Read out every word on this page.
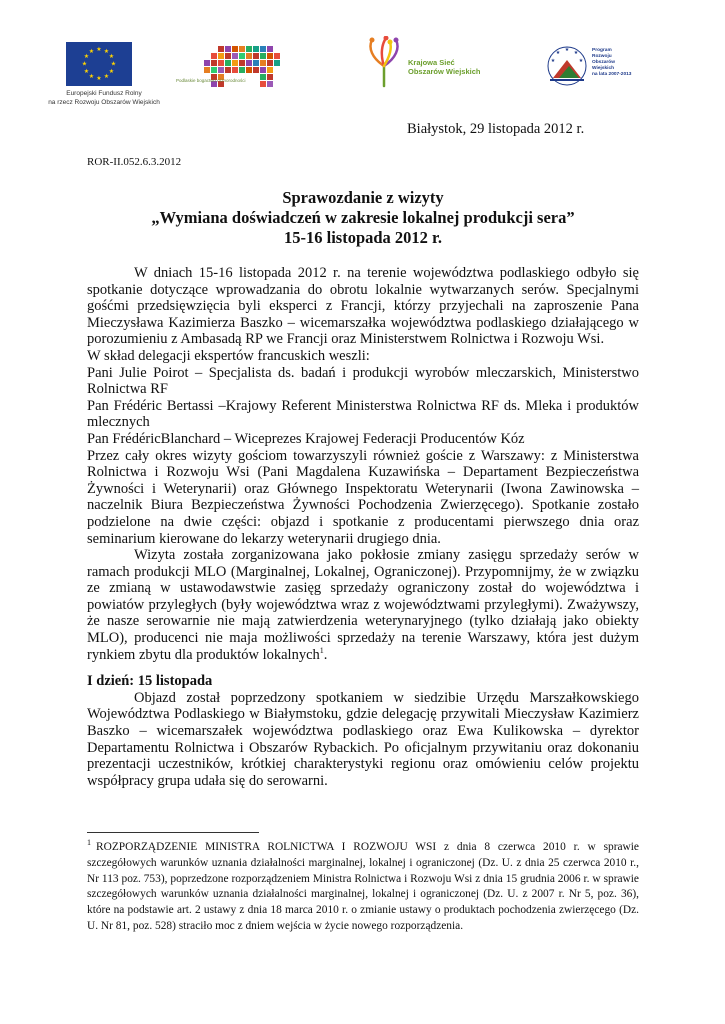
★ ★
★
★
★
★
★
★
★
★
★
★
Europejski Fundusz Rolny
na rzecz Rozwoju Obszarów Wiejskich
Podlaskie bogactwo różnorodności
Krajowa Sieć
Obszarów Wiejskich
★ ★
★
★
★
Program
Rozwoju
Obszarów
Wiejskich
na lata 2007-2013
Białystok, 29 listopada 2012 r.
ROR-II.052.6.3.2012
Sprawozdanie z wizyty
„Wymiana doświadczeń w zakresie lokalnej produkcji sera”
15-16 listopada 2012 r.

W dniach 15-16 listopada 2012 r. na terenie województwa podlaskiego odbyło się spotkanie dotyczące wprowadzania do obrotu lokalnie wytwarzanych serów. Specjalnymi gośćmi przedsięwzięcia byli eksperci z Francji, którzy przyjechali na zaproszenie Pana Mieczysława Kazimierza Baszko – wicemarszałka województwa podlaskiego działającego w porozumieniu z Ambasadą RP we Francji oraz Ministerstwem Rolnictwa i Rozwoju Wsi.

W skład delegacji ekspertów francuskich weszli:

Pani Julie Poirot – Specjalista ds. badań i produkcji wyrobów mleczarskich, Ministerstwo Rolnictwa RF

Pan Frédéric Bertassi –Krajowy Referent Ministerstwa Rolnictwa RF ds. Mleka i produktów mlecznych

Pan FrédéricBlanchard – Wiceprezes Krajowej Federacji Producentów Kóz

Przez cały okres wizyty gościom towarzyszyli również goście z Warszawy: z Ministerstwa Rolnictwa i Rozwoju Wsi (Pani Magdalena Kuzawińska – Departament Bezpieczeństwa Żywności i Weterynarii) oraz Głównego Inspektoratu Weterynarii (Iwona Zawinowska – naczelnik Biura Bezpieczeństwa Żywności Pochodzenia Zwierzęcego). Spotkanie zostało podzielone na dwie części: objazd i spotkanie z producentami pierwszego dnia oraz seminarium kierowane do lekarzy weterynarii drugiego dnia.

Wizyta została zorganizowana jako pokłosie zmiany zasięgu sprzedaży serów w ramach produkcji MLO (Marginalnej, Lokalnej, Ograniczonej). Przypomnijmy, że w związku ze zmianą w ustawodawstwie zasięg sprzedaży ograniczony został do województwa i powiatów przyległych (były województwa wraz z województwami przyległymi). Zważywszy, że nasze serowarnie nie mają zatwierdzenia weterynaryjnego (tylko działają jako obiekty MLO), producenci nie maja możliwości sprzedaży na terenie Warszawy, która jest dużym rynkiem zbytu dla produktów lokalnych$^1$.

I dzień: 15 listopada

Objazd został poprzedzony spotkaniem w siedzibie Urzędu Marszałkowskiego Województwa Podlaskiego w Białymstoku, gdzie delegację przywitali Mieczysław Kazimierz Baszko – wicemarszałek województwa podlaskiego oraz Ewa Kulikowska – dyrektor Departamentu Rolnictwa i Obszarów Rybackich. Po oficjalnym przywitaniu oraz dokonaniu prezentacji uczestników, krótkiej charakterystyki regionu oraz omówieniu celów projektu współpracy grupa udała się do serowarni.

$^1$ ROZPORZĄDZENIE MINISTRA ROLNICTWA I ROZWOJU WSI z dnia 8 czerwca 2010 r. w sprawie szczegółowych warunków uznania działalności marginalnej, lokalnej i ograniczonej (Dz. U. z dnia 25 czerwca 2010 r., Nr 113 poz. 753), poprzedzone rozporządzeniem Ministra Rolnictwa i Rozwoju Wsi z dnia 15 grudnia 2006 r. w sprawie szczegółowych warunków uznania działalności marginalnej, lokalnej i ograniczonej (Dz. U. z 2007 r. Nr 5, poz. 36), które na podstawie art. 2 ustawy z dnia 18 marca 2010 r. o zmianie ustawy o produktach pochodzenia zwierzęcego (Dz. U. Nr 81, poz. 528) straciło moc z dniem wejścia w życie nowego rozporządzenia.
